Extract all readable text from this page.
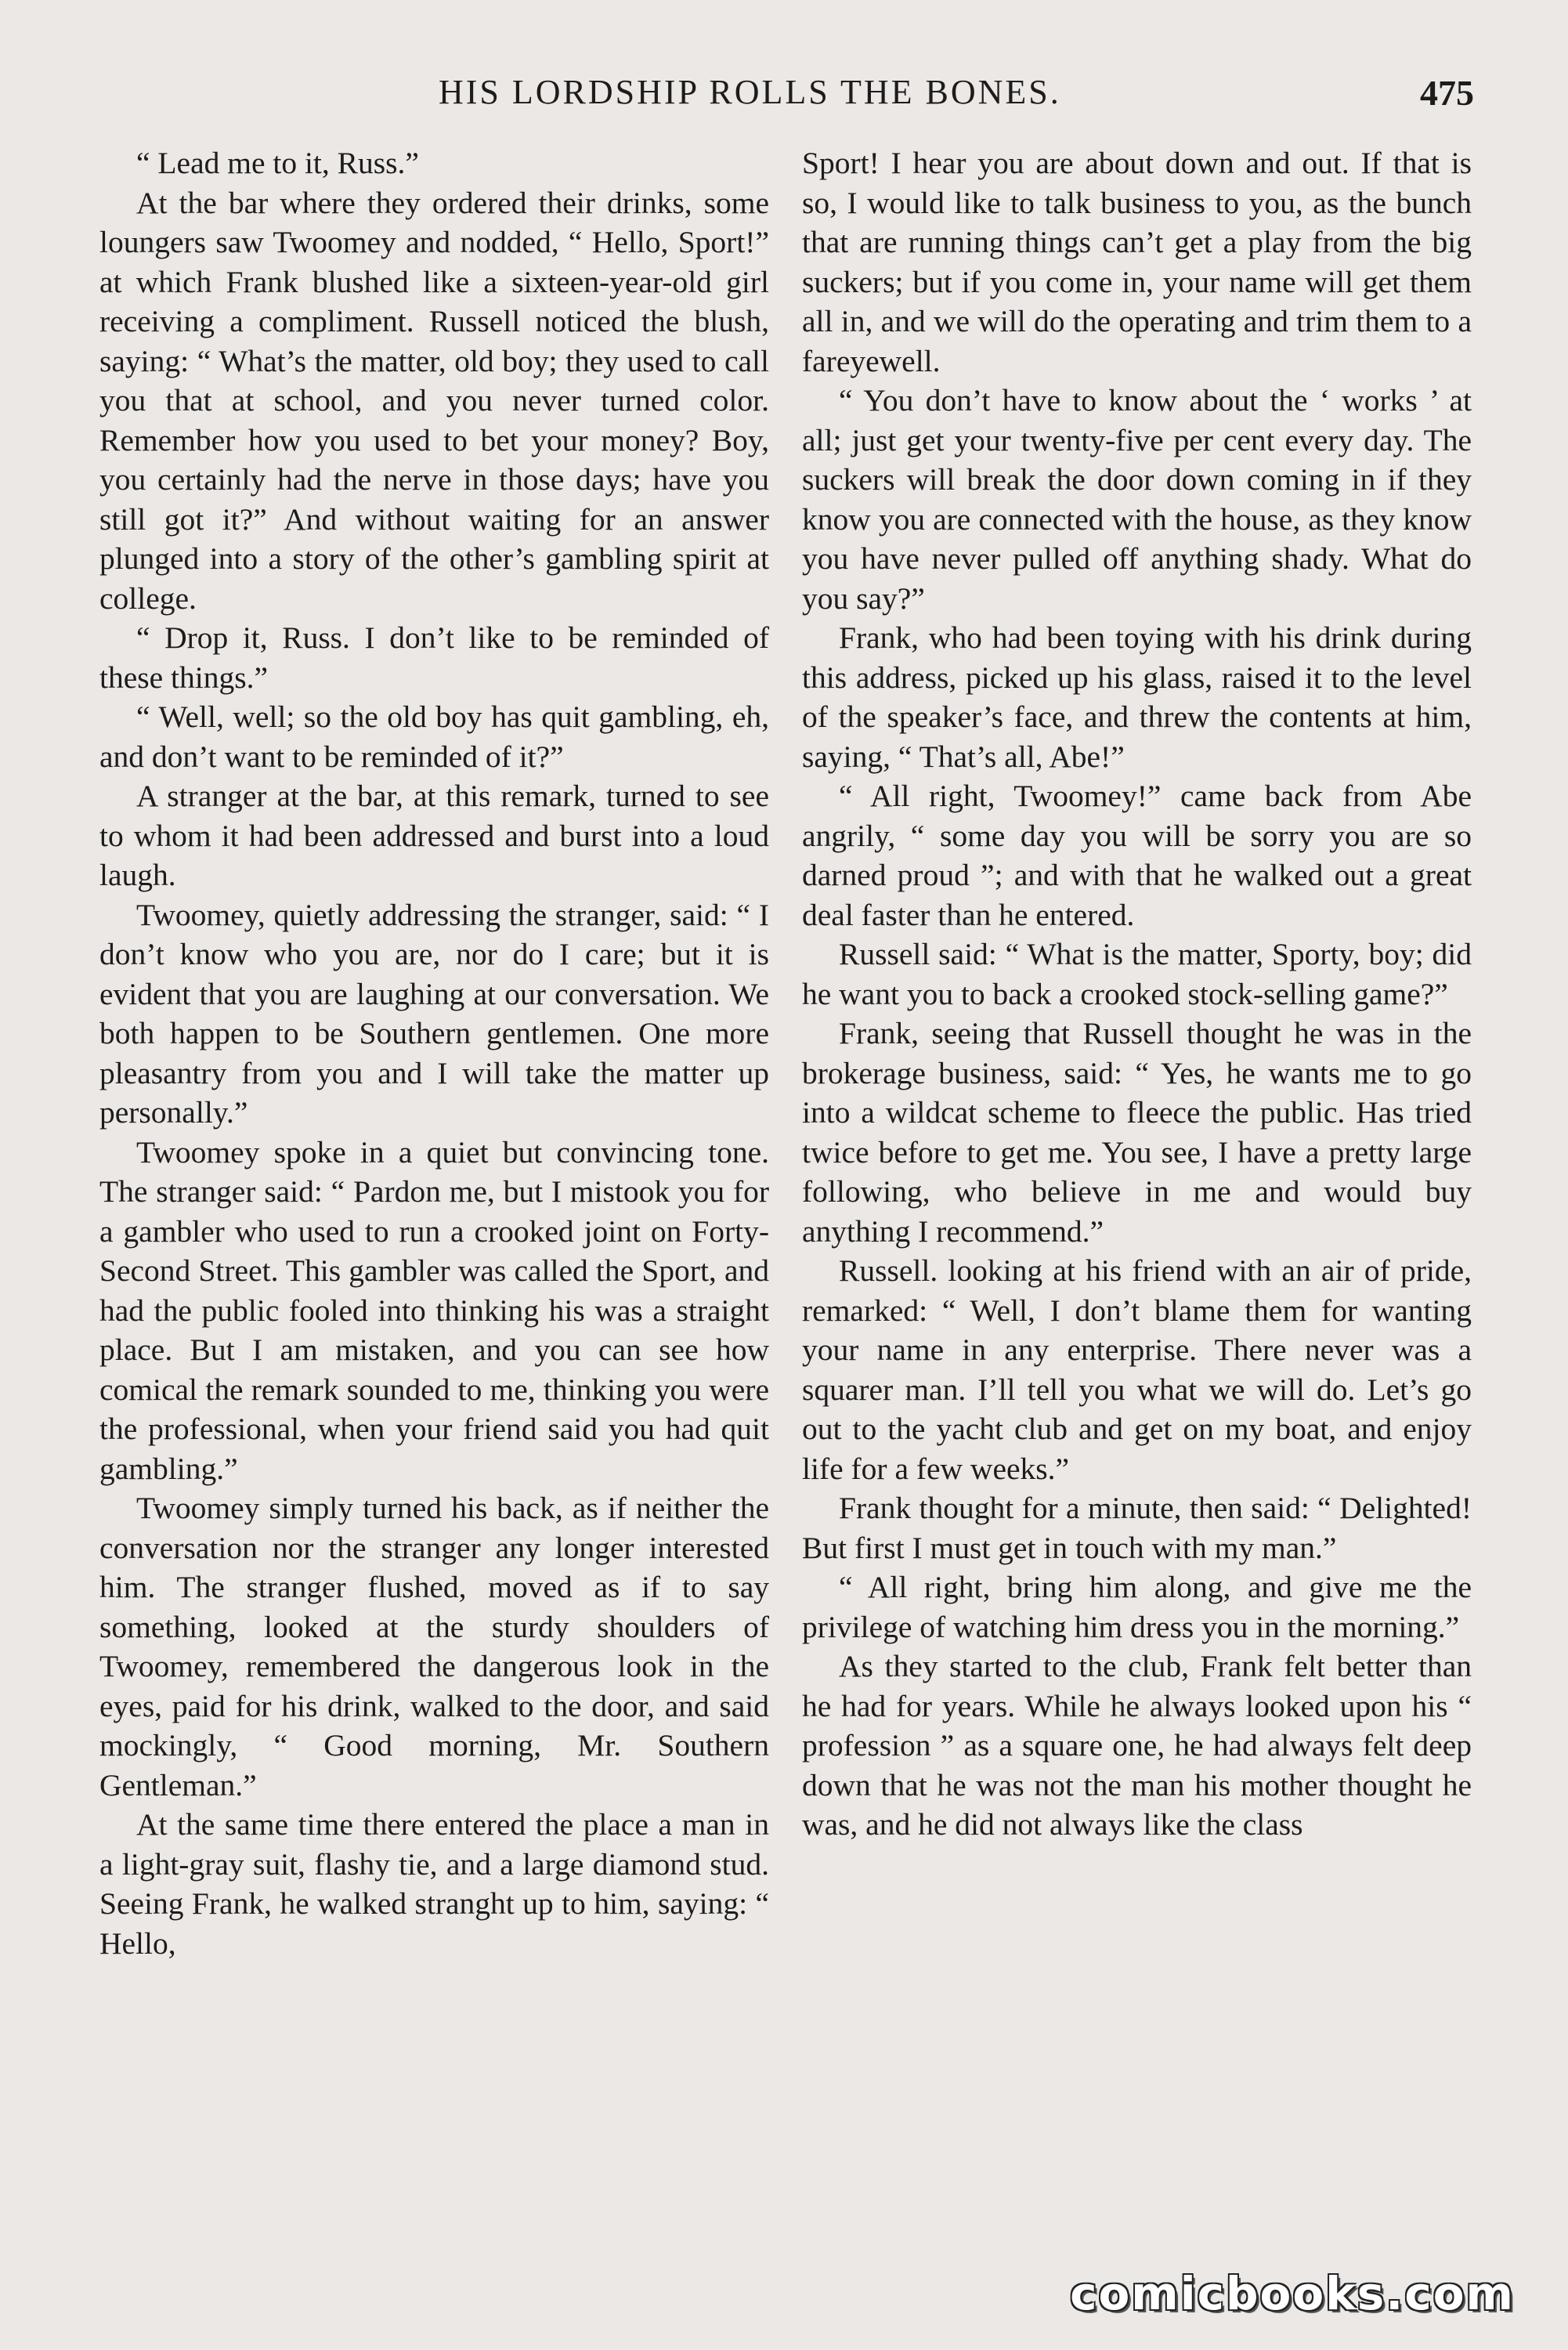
HIS LORDSHIP ROLLS THE BONES.	475

“ Lead me to it, Russ.”

At the bar where they ordered their drinks, some loungers saw Twoomey and nodded, “ Hello, Sport!” at which Frank blushed like a sixteen-year-old girl receiving a compliment. Russell noticed the blush, saying: “ What’s the matter, old boy; they used to call you that at school, and you never turned color. Remember how you used to bet your money? Boy, you certainly had the nerve in those days; have you still got it?” And without waiting for an answer plunged into a story of the other’s gambling spirit at college.

“ Drop it, Russ. I don’t like to be reminded of these things.”

“ Well, well; so the old boy has quit gambling, eh, and don’t want to be reminded of it?”

A stranger at the bar, at this remark, turned to see to whom it had been addressed and burst into a loud laugh.

Twoomey, quietly addressing the stranger, said: “ I don’t know who you are, nor do I care; but it is evident that you are laughing at our conversation. We both happen to be Southern gentlemen. One more pleasantry from you and I will take the matter up personally.”

Twoomey spoke in a quiet but convincing tone. The stranger said: “ Pardon me, but I mistook you for a gambler who used to run a crooked joint on Forty-Second Street. This gambler was called the Sport, and had the public fooled into thinking his was a straight place. But I am mistaken, and you can see how comical the remark sounded to me, thinking you were the professional, when your friend said you had quit gambling.”

Twoomey simply turned his back, as if neither the conversation nor the stranger any longer interested him. The stranger flushed, moved as if to say something, looked at the sturdy shoulders of Twoomey, remembered the dangerous look in the eyes, paid for his drink, walked to the door, and said mockingly, “ Good morning, Mr. Southern Gentleman.”

At the same time there entered the place a man in a light-gray suit, flashy tie, and a large diamond stud. Seeing Frank, he walked stranght up to him, saying: “ Hello,

Sport! I hear you are about down and out. If that is so, I would like to talk business to you, as the bunch that are running things can’t get a play from the big suckers; but if you come in, your name will get them all in, and we will do the operating and trim them to a fareyewell.

“ You don’t have to know about the ‘ works ’ at all; just get your twenty-five per cent every day. The suckers will break the door down coming in if they know you are connected with the house, as they know you have never pulled off anything shady. What do you say?”

Frank, who had been toying with his drink during this address, picked up his glass, raised it to the level of the speaker’s face, and threw the contents at him, saying, “ That’s all, Abe!”

“ All right, Twoomey!” came back from Abe angrily, “ some day you will be sorry you are so darned proud ”; and with that he walked out a great deal faster than he entered.

Russell said: “ What is the matter, Sporty, boy; did he want you to back a crooked stock-selling game?”

Frank, seeing that Russell thought he was in the brokerage business, said: “ Yes, he wants me to go into a wildcat scheme to fleece the public. Has tried twice before to get me. You see, I have a pretty large following, who believe in me and would buy anything I recommend.”

Russell. looking at his friend with an air of pride, remarked: “ Well, I don’t blame them for wanting your name in any enterprise. There never was a squarer man. I’ll tell you what we will do. Let’s go out to the yacht club and get on my boat, and enjoy life for a few weeks.”

Frank thought for a minute, then said: “ Delighted! But first I must get in touch with my man.”

“ All right, bring him along, and give me the privilege of watching him dress you in the morning.”

As they started to the club, Frank felt better than he had for years. While he always looked upon his “ profession ” as a square one, he had always felt deep down that he was not the man his mother thought he was, and he did not always like the class

comicbooks.com
